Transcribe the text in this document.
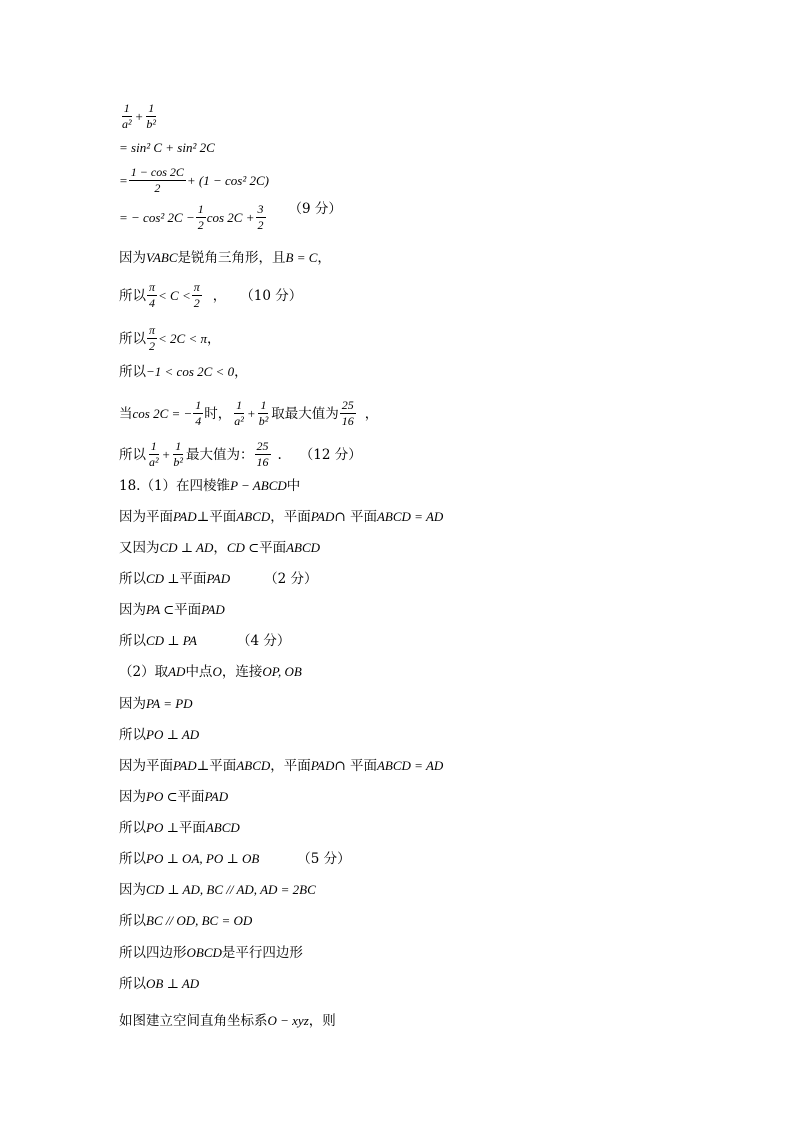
$\frac{1}{\text{a²}} + \frac{1}{\text{b²}}$
= sin² C + sin² 2C
= $\frac{1 - \cos 2C}{2} + (1 - \cos^2$ 2C)
= − cos² $2C - \frac{1}{2}$ $\cos 2C + \frac{3}{2} (9$ 分）
因为 VABC 是锐角三角形，且 B = C ，
所以 $\frac{\pi}{4} < C < \frac{\pi}{2}$ ， （10 分）
所以 $\frac{\pi}{2} < 2C < \pi$ ，
所以 −1 < cos 2C < 0 ，
当 cos 2C = − $\frac{1}{4}$ 时， $\frac{1}{\text{a²}} + \frac{1}{\text{b²}}$ 取最大值为 $\frac{25}{16}$ ，
所以 $\frac{1}{\text{a²}} + \frac{1}{\text{b²}}$ 最大值为： $\frac{25}{16}$ . （12 分）
18.（1）在四棱锥 P − ABCD 中
因为平面 PAD ⊥平面 ABCD ，平面 PAD ∩ 平面 ABCD = AD
又因为 CD ⊥ AD ， CD ⊂ 平面 ABCD
所以 CD ⊥ 平面 PAD	（2 分）
因为 PA ⊂ 平面 PAD
所以 CD ⊥ PA	（4 分）
（2）取 AD 中点 O ，连接 OP, OB
因为 PA = PD
所以 PO ⊥ AD
因为平面 PAD ⊥平面 ABCD ，平面 PAD ∩ 平面 ABCD = AD
因为 PO ⊂ 平面 PAD
所以 PO ⊥ 平面 ABCD
所以 PO ⊥ OA, PO ⊥ OB	（5 分）
因为 CD ⊥ AD, BC // AD, AD = 2BC
所以 BC // OD, BC = OD
所以四边形 OBCD 是平行四边形
所以 OB ⊥ AD
如图建立空间直角坐标系 O − xyz ，则
